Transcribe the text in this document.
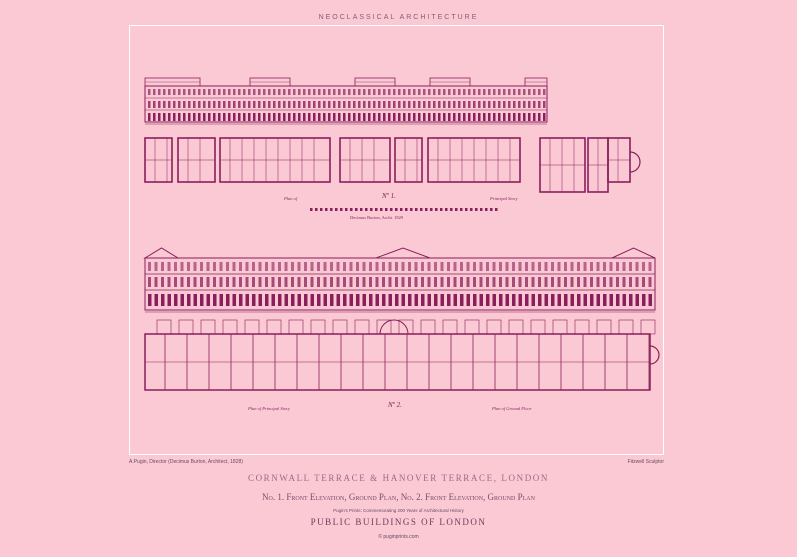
NEOCLASSICAL ARCHITECTURE
Plan of	Principal Story
Nº 1.
Decimus Burton, Archt. 1829
Plan of Principal Story	Plan of Ground Floor
Nº 2.
A.Pugin, Director (Decimus Burton, Architect, 1828)	Fitzwell Sculptor
CORNWALL TERRACE & HANOVER TERRACE, LONDON
No. 1. Front Elevation, Ground Plan, No. 2. Front Elevation, Ground Plan
Pugin's Prints: Commemorating 200 Years of Architectural History
PUBLIC BUILDINGS OF LONDON
© puginprints.com
